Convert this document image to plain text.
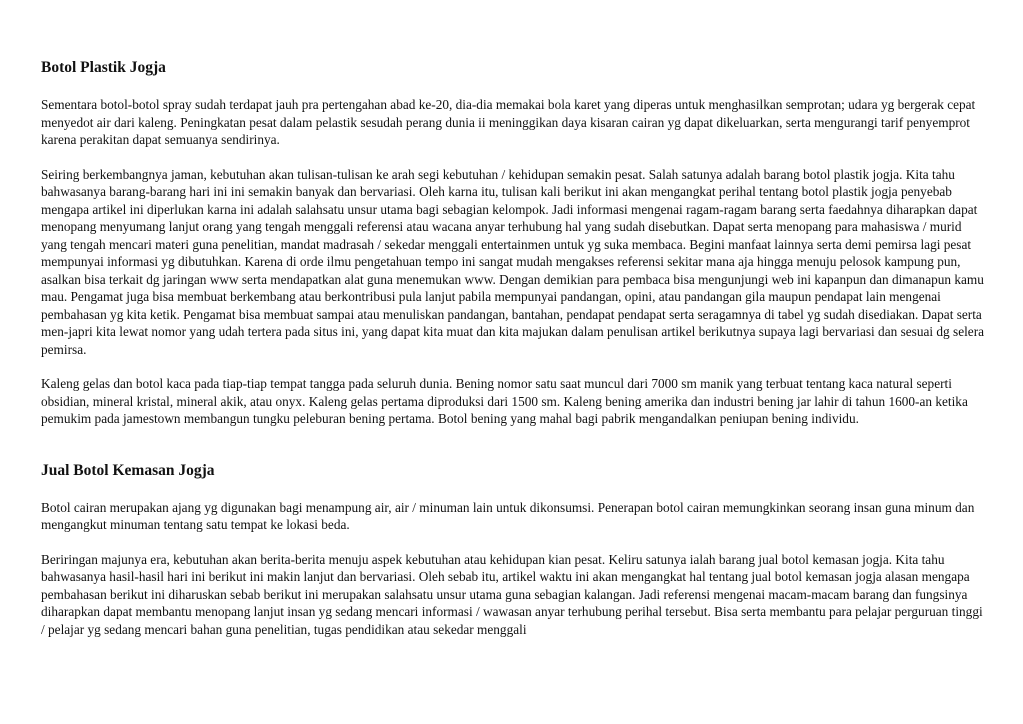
Botol Plastik Jogja

Sementara botol-botol spray sudah terdapat jauh pra pertengahan abad ke-20, dia-dia memakai bola karet yang diperas untuk menghasilkan semprotan; udara yg bergerak cepat menyedot air dari kaleng. Peningkatan pesat dalam pelastik sesudah perang dunia ii meninggikan daya kisaran cairan yg dapat dikeluarkan, serta mengurangi tarif penyemprot karena perakitan dapat semuanya sendirinya.

Seiring berkembangnya jaman, kebutuhan akan tulisan-tulisan ke arah segi kebutuhan / kehidupan semakin pesat. Salah satunya adalah barang botol plastik jogja. Kita tahu bahwasanya barang-barang hari ini ini semakin banyak dan bervariasi. Oleh karna itu, tulisan kali berikut ini akan mengangkat perihal tentang botol plastik jogja penyebab mengapa artikel ini diperlukan karna ini adalah salahsatu unsur utama bagi sebagian kelompok. Jadi informasi mengenai ragam-ragam barang serta faedahnya diharapkan dapat menopang menyumang lanjut orang yang tengah menggali referensi atau wacana anyar terhubung hal yang sudah disebutkan. Dapat serta menopang para mahasiswa / murid yang tengah mencari materi guna penelitian, mandat madrasah / sekedar menggali entertainmen untuk yg suka membaca. Begini manfaat lainnya serta demi pemirsa lagi pesat mempunyai informasi yg dibutuhkan. Karena di orde ilmu pengetahuan tempo ini sangat mudah mengakses referensi sekitar mana aja hingga menuju pelosok kampung pun, asalkan bisa terkait dg jaringan www serta mendapatkan alat guna menemukan www. Dengan demikian para pembaca bisa mengunjungi web ini kapanpun dan dimanapun kamu mau. Pengamat juga bisa membuat berkembang atau berkontribusi pula lanjut pabila mempunyai pandangan, opini, atau pandangan gila maupun pendapat lain mengenai pembahasan yg kita ketik. Pengamat bisa membuat sampai atau menuliskan pandangan, bantahan, pendapat pendapat serta seragamnya di tabel yg sudah disediakan. Dapat serta men-japri kita lewat nomor yang udah tertera pada situs ini, yang dapat kita muat dan kita majukan dalam penulisan artikel berikutnya supaya lagi bervariasi dan sesuai dg selera pemirsa.

Kaleng gelas dan botol kaca pada tiap-tiap tempat tangga pada seluruh dunia. Bening nomor satu saat muncul dari 7000 sm manik yang terbuat tentang kaca natural seperti obsidian, mineral kristal, mineral akik, atau onyx. Kaleng gelas pertama diproduksi dari 1500 sm. Kaleng bening amerika dan industri bening jar lahir di tahun 1600-an ketika pemukim pada jamestown membangun tungku peleburan bening pertama. Botol bening yang mahal bagi pabrik mengandalkan peniupan bening individu.

Jual Botol Kemasan Jogja

Botol cairan merupakan ajang yg digunakan bagi menampung air, air / minuman lain untuk dikonsumsi. Penerapan botol cairan memungkinkan seorang insan guna minum dan mengangkut minuman tentang satu tempat ke lokasi beda.

Beriringan majunya era, kebutuhan akan berita-berita menuju aspek kebutuhan atau kehidupan kian pesat. Keliru satunya ialah barang jual botol kemasan jogja. Kita tahu bahwasanya hasil-hasil hari ini berikut ini makin lanjut dan bervariasi. Oleh sebab itu, artikel waktu ini akan mengangkat hal tentang jual botol kemasan jogja alasan mengapa pembahasan berikut ini diharuskan sebab berikut ini merupakan salahsatu unsur utama guna sebagian kalangan. Jadi referensi mengenai macam-macam barang dan fungsinya diharapkan dapat membantu menopang lanjut insan yg sedang mencari informasi / wawasan anyar terhubung perihal tersebut. Bisa serta membantu para pelajar perguruan tinggi / pelajar yg sedang mencari bahan guna penelitian, tugas pendidikan atau sekedar menggali
